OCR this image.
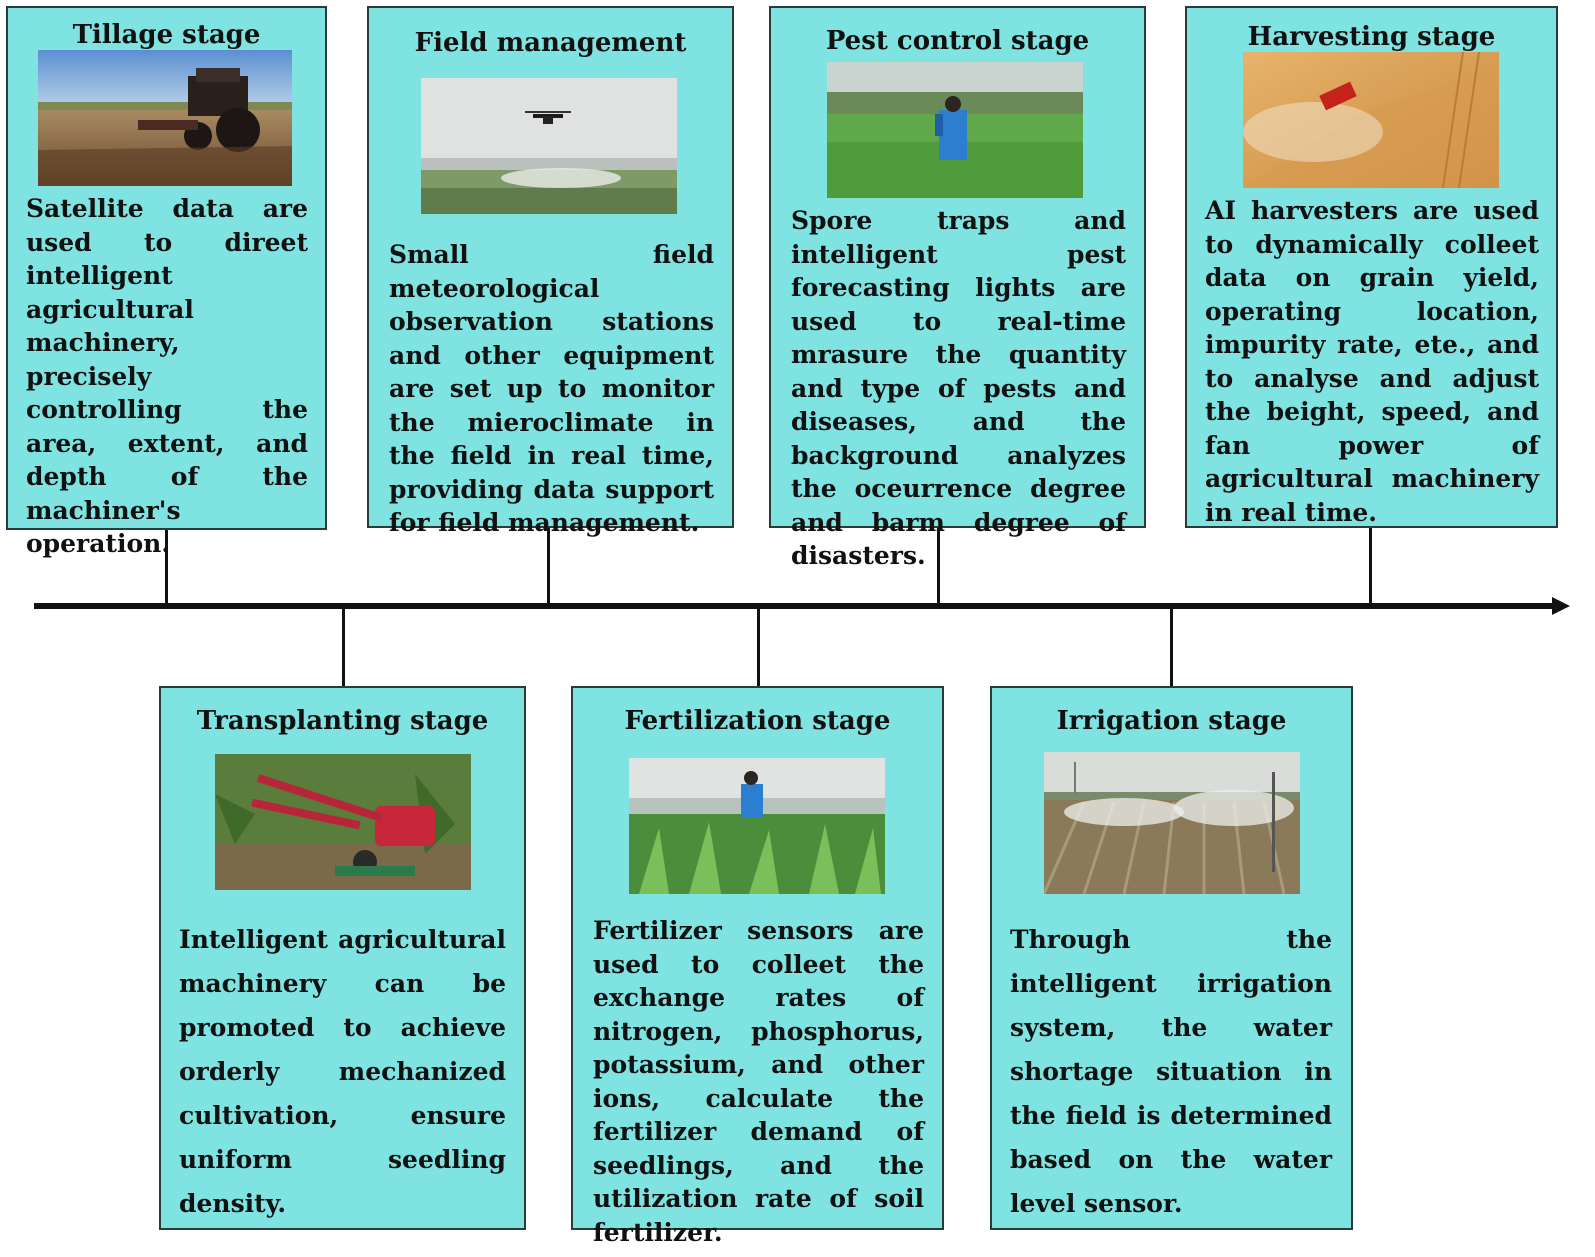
Tillage stage
Satellite data are used to direet intelligent agricultural machinery, precisely controlling the area, extent, and depth of the machiner's operation.
Field management
Small field meteorological observation stations and other equipment are set up to monitor the mieroclimate in the field in real time, providing data support for field management.
Pest control stage
Spore traps and intelligent pest forecasting lights are used to real-time mrasure the quantity and type of pests and diseases, and the background analyzes the oceurrence degree and barm degree of disasters.
Harvesting stage
AI harvesters are used to dynamically colleet data on grain yield, operating location, impurity rate, ete., and to analyse and adjust the beight, speed, and fan power of agricultural machinery in real time.
Transplanting stage
Intelligent agricultural machinery can be promoted to achieve orderly mechanized cultivation, ensure uniform seedling density.
Fertilization stage
Fertilizer sensors are used to colleet the exchange rates of nitrogen, phosphorus, potassium, and other ions, calculate the fertilizer demand of seedlings, and the utilization rate of soil fertilizer.
Irrigation stage
Through the intelligent irrigation system, the water shortage situation in the field is determined based on the water level sensor.
